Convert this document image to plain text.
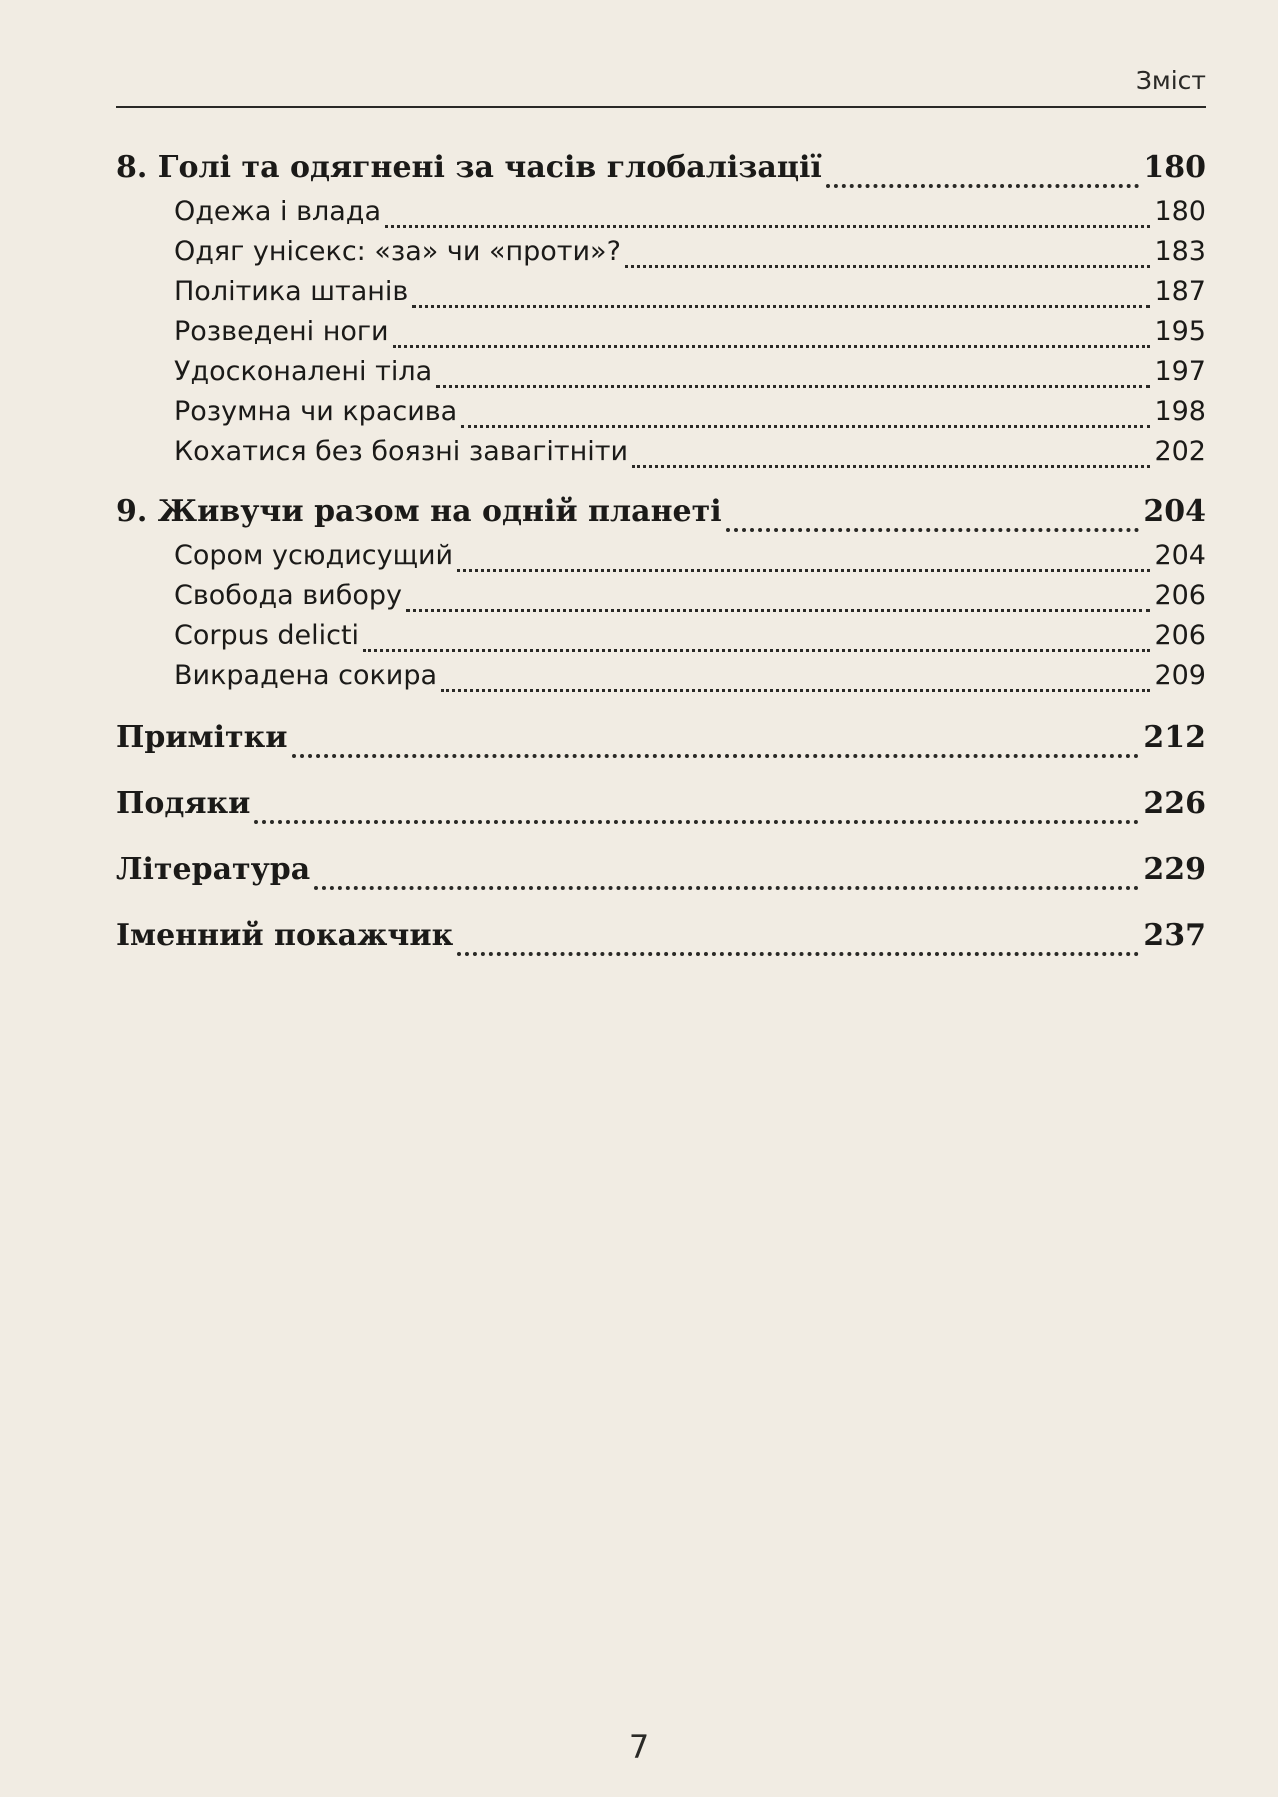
Зміст
8. Голі та одягнені за часів глобалізації	180
Одежа і влада	180
Одяг унісекс: «за» чи «проти»?	183
Політика штанів	187
Розведені ноги	195
Удосконалені тіла	197
Розумна чи красива	198
Кохатися без боязні завагітніти	202
9. Живучи разом на одній планеті	204
Сором усюдисущий	204
Свобода вибору	206
Corpus delicti	206
Викрадена сокира	209
Примітки	212
Подяки	226
Література	229
Іменний покажчик	237
7
